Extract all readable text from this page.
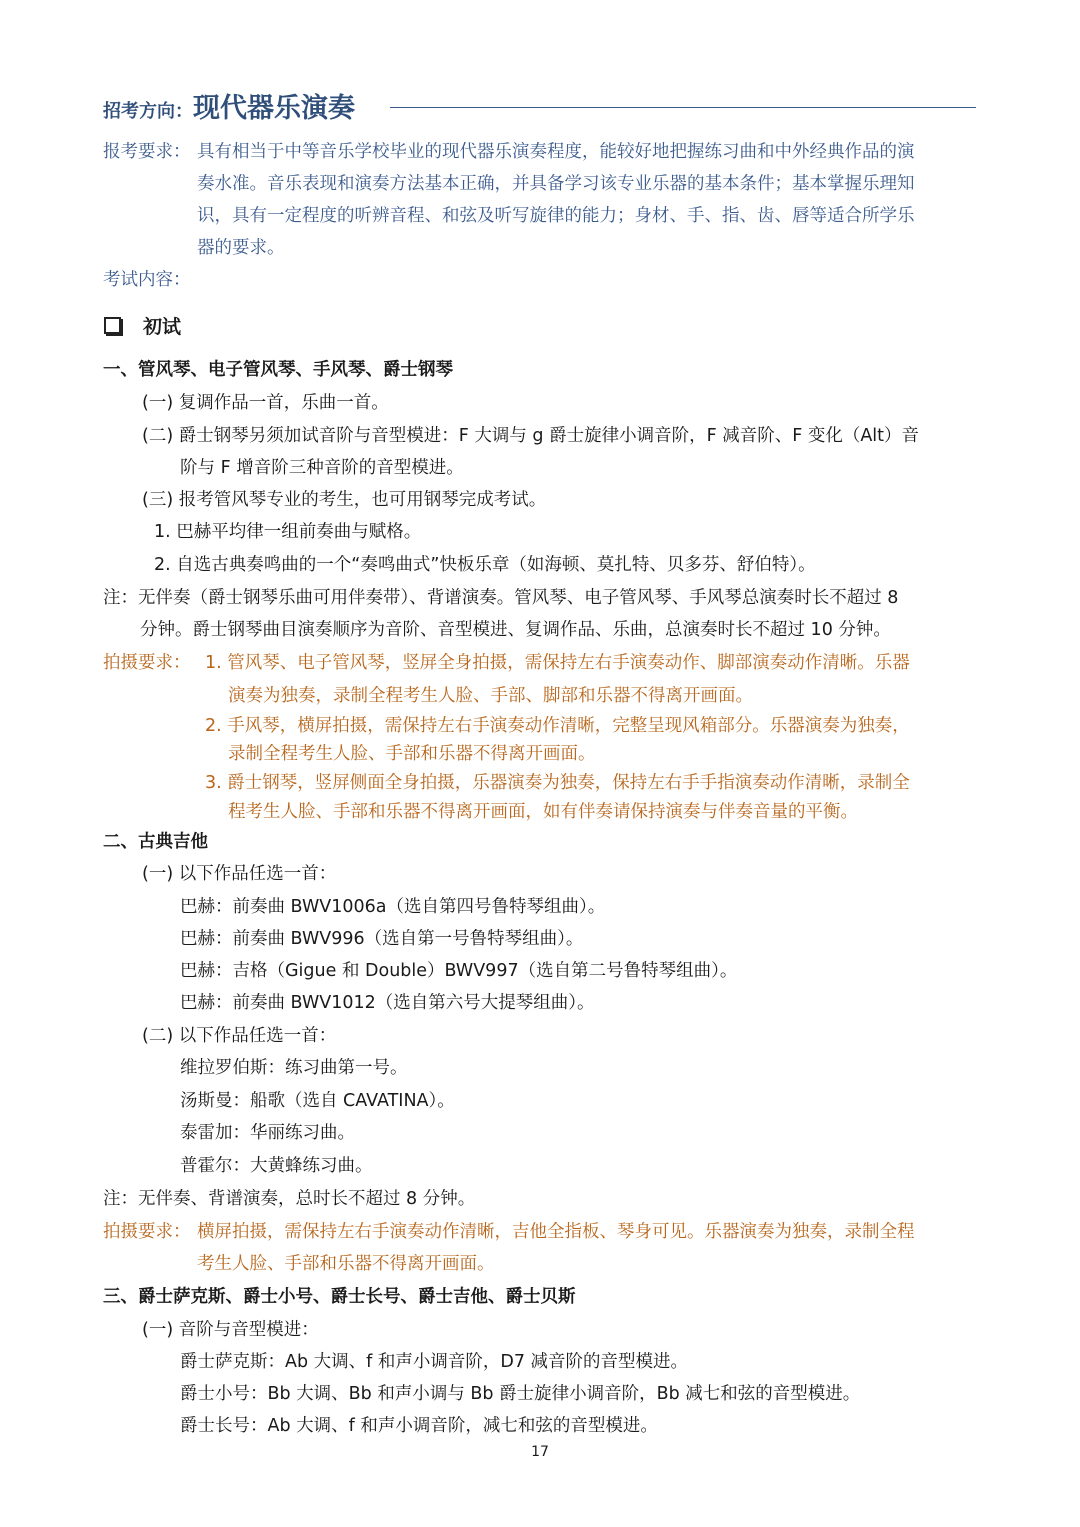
招考方向：现代器乐演奏
报考要求： 具有相当于中等音乐学校毕业的现代器乐演奏程度，能较好地把握练习曲和中外经典作品的演
奏水准。音乐表现和演奏方法基本正确，并具备学习该专业乐器的基本条件；基本掌握乐理知
识，具有一定程度的听辨音程、和弦及听写旋律的能力；身材、手、指、齿、唇等适合所学乐
器的要求。
考试内容：
初试
一、管风琴、电子管风琴、手风琴、爵士钢琴
(一) 复调作品一首，乐曲一首。
(二) 爵士钢琴另须加试音阶与音型模进：F 大调与 g 爵士旋律小调音阶，F 减音阶、F 变化（Alt）音
阶与 F 增音阶三种音阶的音型模进。
(三) 报考管风琴专业的考生，也可用钢琴完成考试。
1. 巴赫平均律一组前奏曲与赋格。
2. 自选古典奏鸣曲的一个“奏鸣曲式”快板乐章（如海顿、莫扎特、贝多芬、舒伯特）。
注：无伴奏（爵士钢琴乐曲可用伴奏带）、背谱演奏。管风琴、电子管风琴、手风琴总演奏时长不超过 8
分钟。爵士钢琴曲目演奏顺序为音阶、音型模进、复调作品、乐曲，总演奏时长不超过 10 分钟。
拍摄要求： 1. 管风琴、电子管风琴，竖屏全身拍摄，需保持左右手演奏动作、脚部演奏动作清晰。乐器
演奏为独奏，录制全程考生人脸、手部、脚部和乐器不得离开画面。
2. 手风琴，横屏拍摄，需保持左右手演奏动作清晰，完整呈现风箱部分。乐器演奏为独奏，
录制全程考生人脸、手部和乐器不得离开画面。
3. 爵士钢琴，竖屏侧面全身拍摄，乐器演奏为独奏，保持左右手手指演奏动作清晰，录制全
程考生人脸、手部和乐器不得离开画面，如有伴奏请保持演奏与伴奏音量的平衡。
二、古典吉他
(一) 以下作品任选一首：
巴赫：前奏曲 BWV1006a（选自第四号鲁特琴组曲）。
巴赫：前奏曲 BWV996（选自第一号鲁特琴组曲）。
巴赫：吉格（Gigue 和 Double）BWV997（选自第二号鲁特琴组曲）。
巴赫：前奏曲 BWV1012（选自第六号大提琴组曲）。
(二) 以下作品任选一首：
维拉罗伯斯：练习曲第一号。
汤斯曼：船歌（选自 CAVATINA）。
泰雷加：华丽练习曲。
普霍尔：大黄蜂练习曲。
注：无伴奏、背谱演奏，总时长不超过 8 分钟。
拍摄要求： 横屏拍摄，需保持左右手演奏动作清晰，吉他全指板、琴身可见。乐器演奏为独奏，录制全程
考生人脸、手部和乐器不得离开画面。
三、爵士萨克斯、爵士小号、爵士长号、爵士吉他、爵士贝斯
(一) 音阶与音型模进：
爵士萨克斯：Ab 大调、f 和声小调音阶，D7 减音阶的音型模进。
爵士小号：Bb 大调、Bb 和声小调与 Bb 爵士旋律小调音阶，Bb 减七和弦的音型模进。
爵士长号：Ab 大调、f 和声小调音阶，减七和弦的音型模进。
17
